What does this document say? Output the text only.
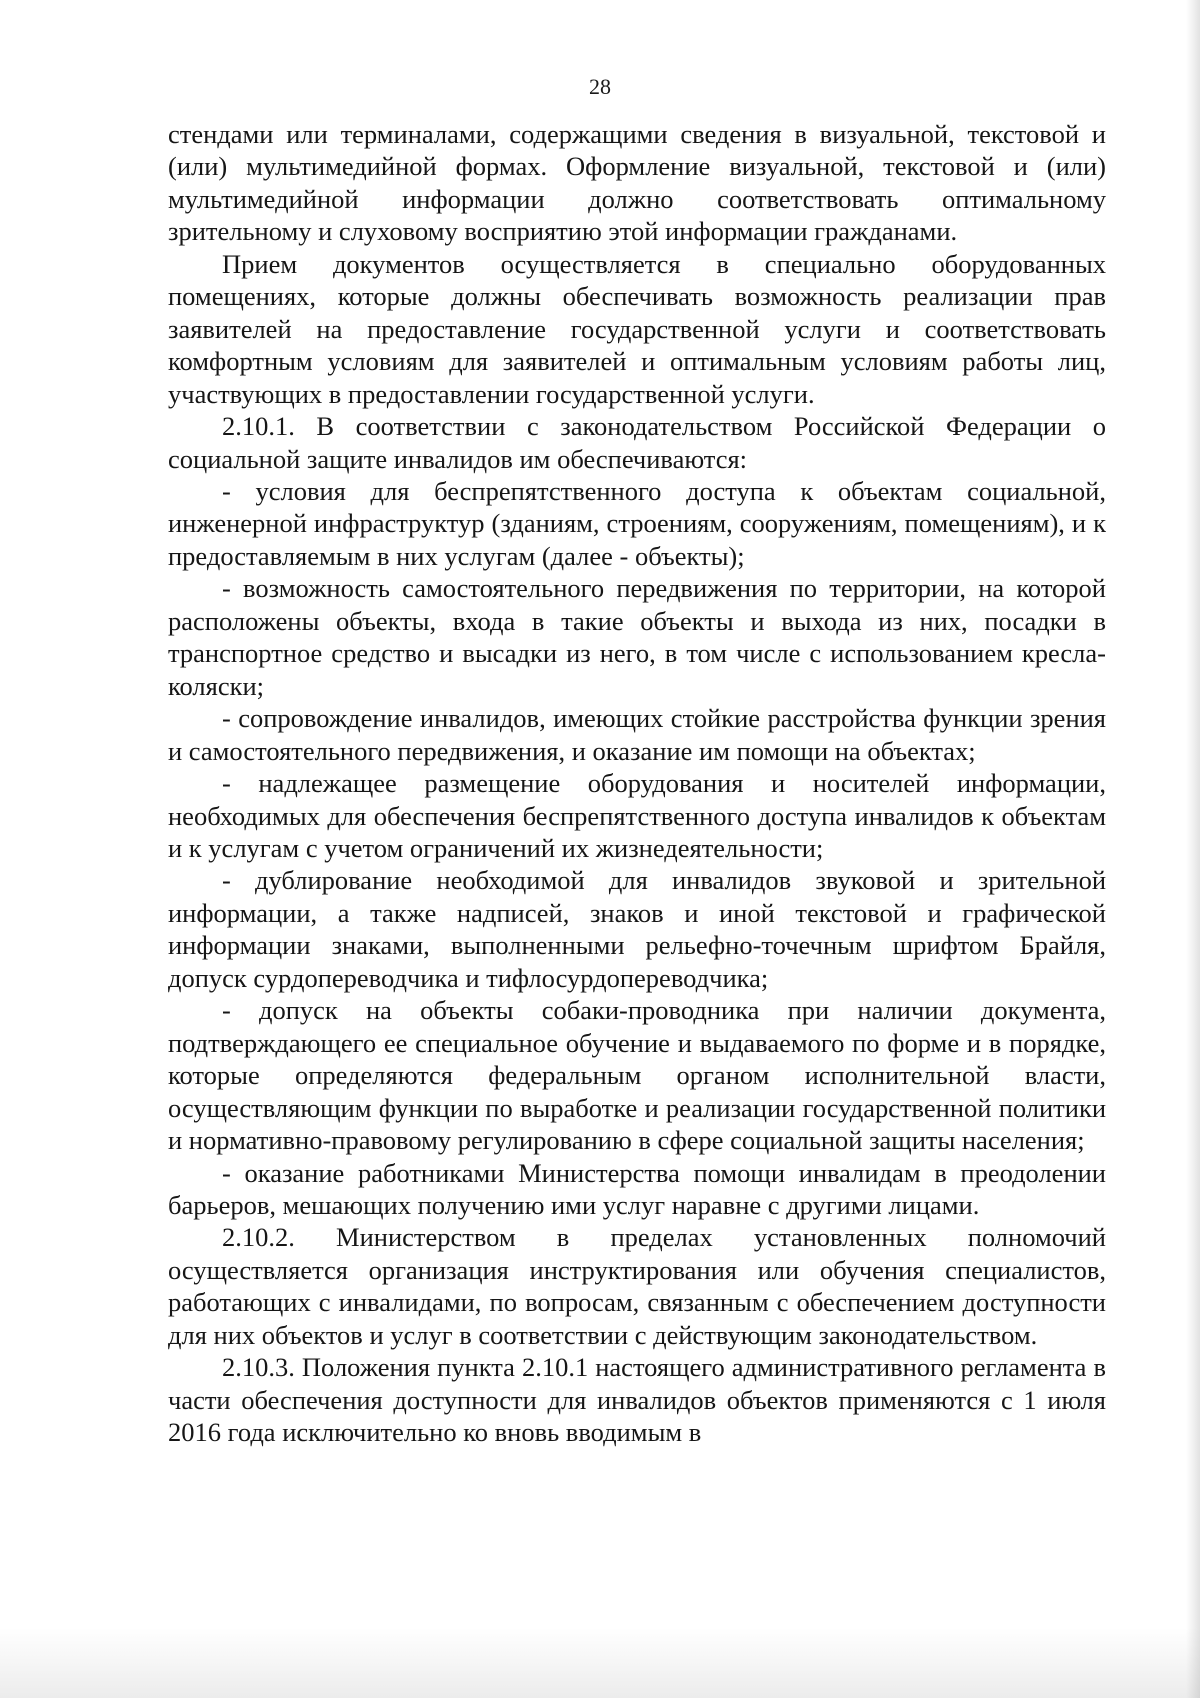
28

стендами или терминалами, содержащими сведения в визуальной, текстовой и (или) мультимедийной формах. Оформление визуальной, текстовой и (или) мультимедийной информации должно соответствовать оптимальному зрительному и слуховому восприятию этой информации гражданами.

Прием документов осуществляется в специально оборудованных помещениях, которые должны обеспечивать возможность реализации прав заявителей на предоставление государственной услуги и соответствовать комфортным условиям для заявителей и оптимальным условиям работы лиц, участвующих в предоставлении государственной услуги.

2.10.1. В соответствии с законодательством Российской Федерации о социальной защите инвалидов им обеспечиваются:

- условия для беспрепятственного доступа к объектам социальной, инженерной инфраструктур (зданиям, строениям, сооружениям, помещениям), и к предоставляемым в них услугам (далее - объекты);

- возможность самостоятельного передвижения по территории, на которой расположены объекты, входа в такие объекты и выхода из них, посадки в транспортное средство и высадки из него, в том числе с использованием кресла-коляски;

- сопровождение инвалидов, имеющих стойкие расстройства функции зрения и самостоятельного передвижения, и оказание им помощи на объектах;

- надлежащее размещение оборудования и носителей информации, необходимых для обеспечения беспрепятственного доступа инвалидов к объектам и к услугам с учетом ограничений их жизнедеятельности;

- дублирование необходимой для инвалидов звуковой и зрительной информации, а также надписей, знаков и иной текстовой и графической информации знаками, выполненными рельефно-точечным шрифтом Брайля, допуск сурдопереводчика и тифлосурдопереводчика;

- допуск на объекты собаки-проводника при наличии документа, подтверждающего ее специальное обучение и выдаваемого по форме и в порядке, которые определяются федеральным органом исполнительной власти, осуществляющим функции по выработке и реализации государственной политики и нормативно-правовому регулированию в сфере социальной защиты населения;

- оказание работниками Министерства помощи инвалидам в преодолении барьеров, мешающих получению ими услуг наравне с другими лицами.

2.10.2. Министерством в пределах установленных полномочий осуществляется организация инструктирования или обучения специалистов, работающих с инвалидами, по вопросам, связанным с обеспечением доступности для них объектов и услуг в соответствии с действующим законодательством.

2.10.3. Положения пункта 2.10.1 настоящего административного регламента в части обеспечения доступности для инвалидов объектов применяются с 1 июля 2016 года исключительно ко вновь вводимым в
